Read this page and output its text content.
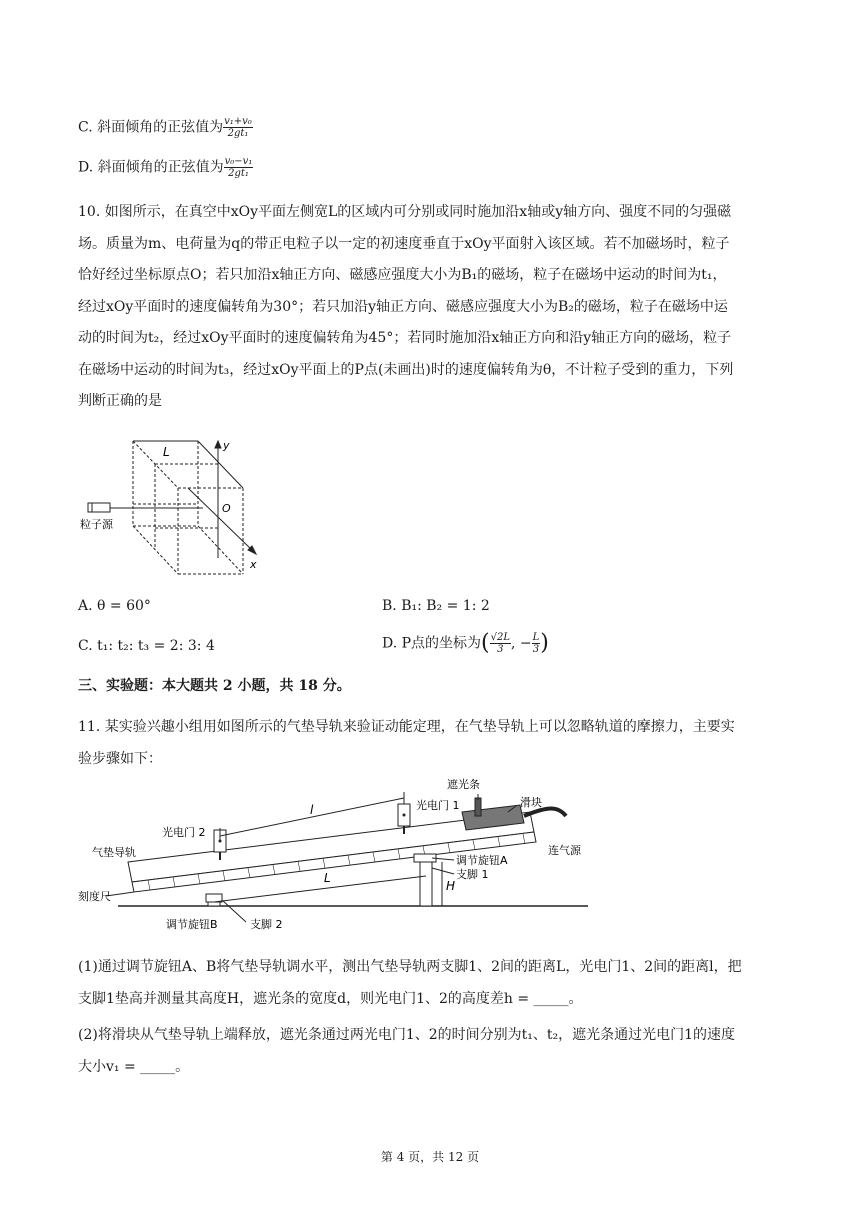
C. 斜面倾角的正弦值为 $\frac{\text{v₁+v₀}}{\text{2gt₁}}$
D. 斜面倾角的正弦值为 $\frac{\text{v₀−v₁}}{\text{2gt₁}}$
10. 如图所示，在真空中xOy平面左侧宽L的区域内可分别或同时施加沿x轴或y轴方向、强度不同的匀强磁
场。质量为m、电荷量为q的带正电粒子以一定的初速度垂直于xOy平面射入该区域。若不加磁场时，粒子
恰好经过坐标原点O；若只加沿x轴正方向、磁感应强度大小为B₁的磁场，粒子在磁场中运动的时间为t₁，
经过xOy平面时的速度偏转角为30°；若只加沿y轴正方向、磁感应强度大小为B₂的磁场，粒子在磁场中运
动的时间为t₂，经过xOy平面时的速度偏转角为45°；若同时施加沿x轴正方向和沿y轴正方向的磁场，粒子
在磁场中运动的时间为t₃，经过xOy平面上的P点(未画出)时的速度偏转角为θ，不计粒子受到的重力，下列
判断正确的是
L	y
O
x
粒子源
A. θ = 60°	B. B₁: B₂ = 1: 2
C. t₁: t₂: t₃ = 2: 3: 4	D. P点的坐标为( $\frac{√2L}{3}$ , − $\frac{L}{3}$ )
三、实验题：本大题共 2 小题，共 18 分。
11. 某实验兴趣小组用如图所示的气垫导轨来验证动能定理，在气垫导轨上可以忽略轨道的摩擦力，主要实
验步骤如下：
遮光条
滑块
光电门 1
光电门 2
l
气垫导轨	连气源
调节旋钮A
支脚 1
H
L
刻度尺
调节旋钮B	支脚 2
(1)通过调节旋钮A、B将气垫导轨调水平，测出气垫导轨两支脚1、2间的距离L，光电门1、2间的距离l，把
支脚1垫高并测量其高度H，遮光条的宽度d，则光电门1、2的高度差h = _____。
(2)将滑块从气垫导轨上端释放，遮光条通过两光电门1、2的时间分别为t₁、t₂，遮光条通过光电门1的速度
大小v₁ = _____。
第 4 页，共 12 页
